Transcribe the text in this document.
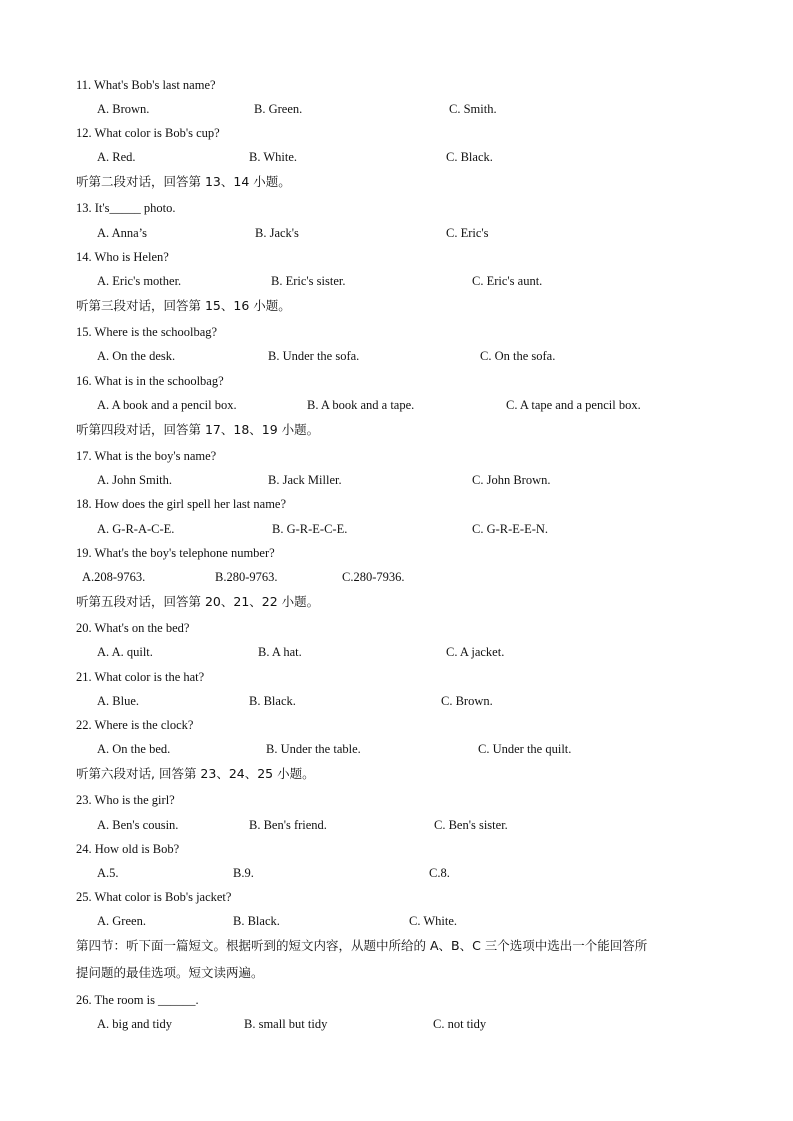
11. What's Bob's last name?
A. Brown.	B. Green.	C. Smith.
12. What color is Bob's cup?
A. Red.	B. White.	C. Black.
听第二段对话，回答第 13、14 小题。
13. It's_____ photo.
A. Anna’s	B. Jack's	C. Eric's
14. Who is Helen?
A. Eric's mother.	B. Eric's sister.	C. Eric's aunt.
听第三段对话，回答第 15、16 小题。
15. Where is the schoolbag?
A. On the desk.	B. Under the sofa.	C. On the sofa.
16. What is in the schoolbag?
A. A book and a pencil box.	B. A book and a tape.	C. A tape and a pencil box.
听第四段对话，回答第 17、18、19 小题。
17. What is the boy's name?
A. John Smith.	B. Jack Miller.	C. John Brown.
18. How does the girl spell her last name?
A. G-R-A-C-E.	B. G-R-E-C-E.	C. G-R-E-E-N.
19. What's the boy's telephone number?
A.208-9763.	B.280-9763.	C.280-7936.
听第五段对话，回答第 20、21、22 小题。
20. What's on the bed?
A. A. quilt.	B. A hat.	C. A jacket.
21. What color is the hat?
A. Blue.	B. Black.	C. Brown.
22. Where is the clock?
A. On the bed.	B. Under the table.	C. Under the quilt.
听第六段对话, 回答第 23、24、25 小题。
23. Who is the girl?
A. Ben's cousin.	B. Ben's friend.	C. Ben's sister.
24. How old is Bob?
A.5.	B.9.	C.8.
25. What color is Bob's jacket?
A. Green.	B. Black.	C. White.
第四节：听下面一篇短文。根据听到的短文内容，从题中所给的 A、B、C 三个选项中选出一个能回答所
提问题的最佳选项。短文读两遍。
26. The room is ______.
A. big and tidy	B. small but tidy	C. not tidy
